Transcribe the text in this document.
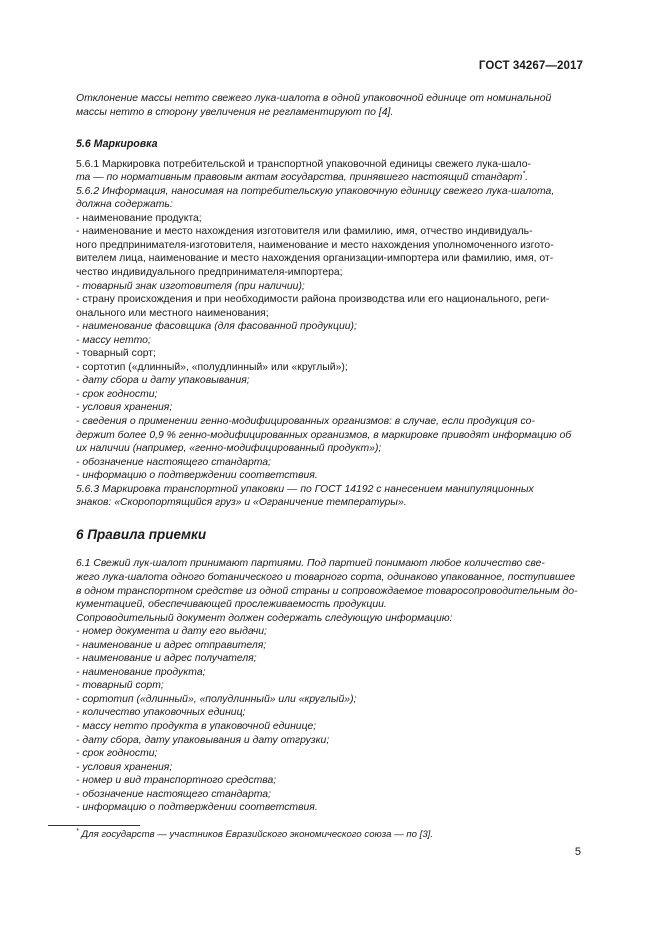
ГОСТ 34267—2017
Отклонение массы нетто свежего лука-шалота в одной упаковочной единице от номинальной
массы нетто в сторону увеличения не регламентируют по [4].
5.6 Маркировка
5.6.1 Маркировка потребительской и транспортной упаковочной единицы свежего лука-шало-
та — по нормативным правовым актам государства, принявшего настоящий стандарт*.
5.6.2 Информация, наносимая на потребительскую упаковочную единицу свежего лука-шалота,
должна содержать:
- наименование продукта;
- наименование и место нахождения изготовителя или фамилию, имя, отчество индивидуаль-
ного предпринимателя-изготовителя, наименование и место нахождения уполномоченного изгото-
вителем лица, наименование и место нахождения организации-импортера или фамилию, имя, от-
чество индивидуального предпринимателя-импортера;
- товарный знак изготовителя (при наличии);
- страну происхождения и при необходимости района производства или его национального, реги-
онального или местного наименования;
- наименование фасовщика (для фасованной продукции);
- массу нетто;
- товарный сорт;
- сортотип («длинный», «полудлинный» или «круглый»);
- дату сбора и дату упаковывания;
- срок годности;
- условия хранения;
- сведения о применении генно-модифицированных организмов: в случае, если продукция со-
держит более 0,9 % генно-модифицированных организмов, в маркировке приводят информацию об
их наличии (например, «генно-модифицированный продукт»);
- обозначение настоящего стандарта;
- информацию о подтверждении соответствия.
5.6.3 Маркировка транспортной упаковки — по ГОСТ 14192 с нанесением манипуляционных
знаков: «Скоропортящийся груз» и «Ограничение температуры».
6 Правила приемки
6.1 Свежий лук-шалот принимают партиями. Под партией понимают любое количество све-
жего лука-шалота одного ботанического и товарного сорта, одинаково упакованное, поступившее
в одном транспортном средстве из одной страны и сопровождаемое товаросопроводительным до-
кументацией, обеспечивающей прослеживаемость продукции.
Сопроводительный документ должен содержать следующую информацию:
- номер документа и дату его выдачи;
- наименование и адрес отправителя;
- наименование и адрес получателя;
- наименование продукта;
- товарный сорт;
- сортотип («длинный», «полудлинный» или «круглый»);
- количество упаковочных единиц;
- массу нетто продукта в упаковочной единице;
- дату сбора, дату упаковывания и дату отгрузки;
- срок годности;
- условия хранения;
- номер и вид транспортного средства;
- обозначение настоящего стандарта;
- информацию о подтверждении соответствия.
* Для государств — участников Евразийского экономического союза — по [3].
5
